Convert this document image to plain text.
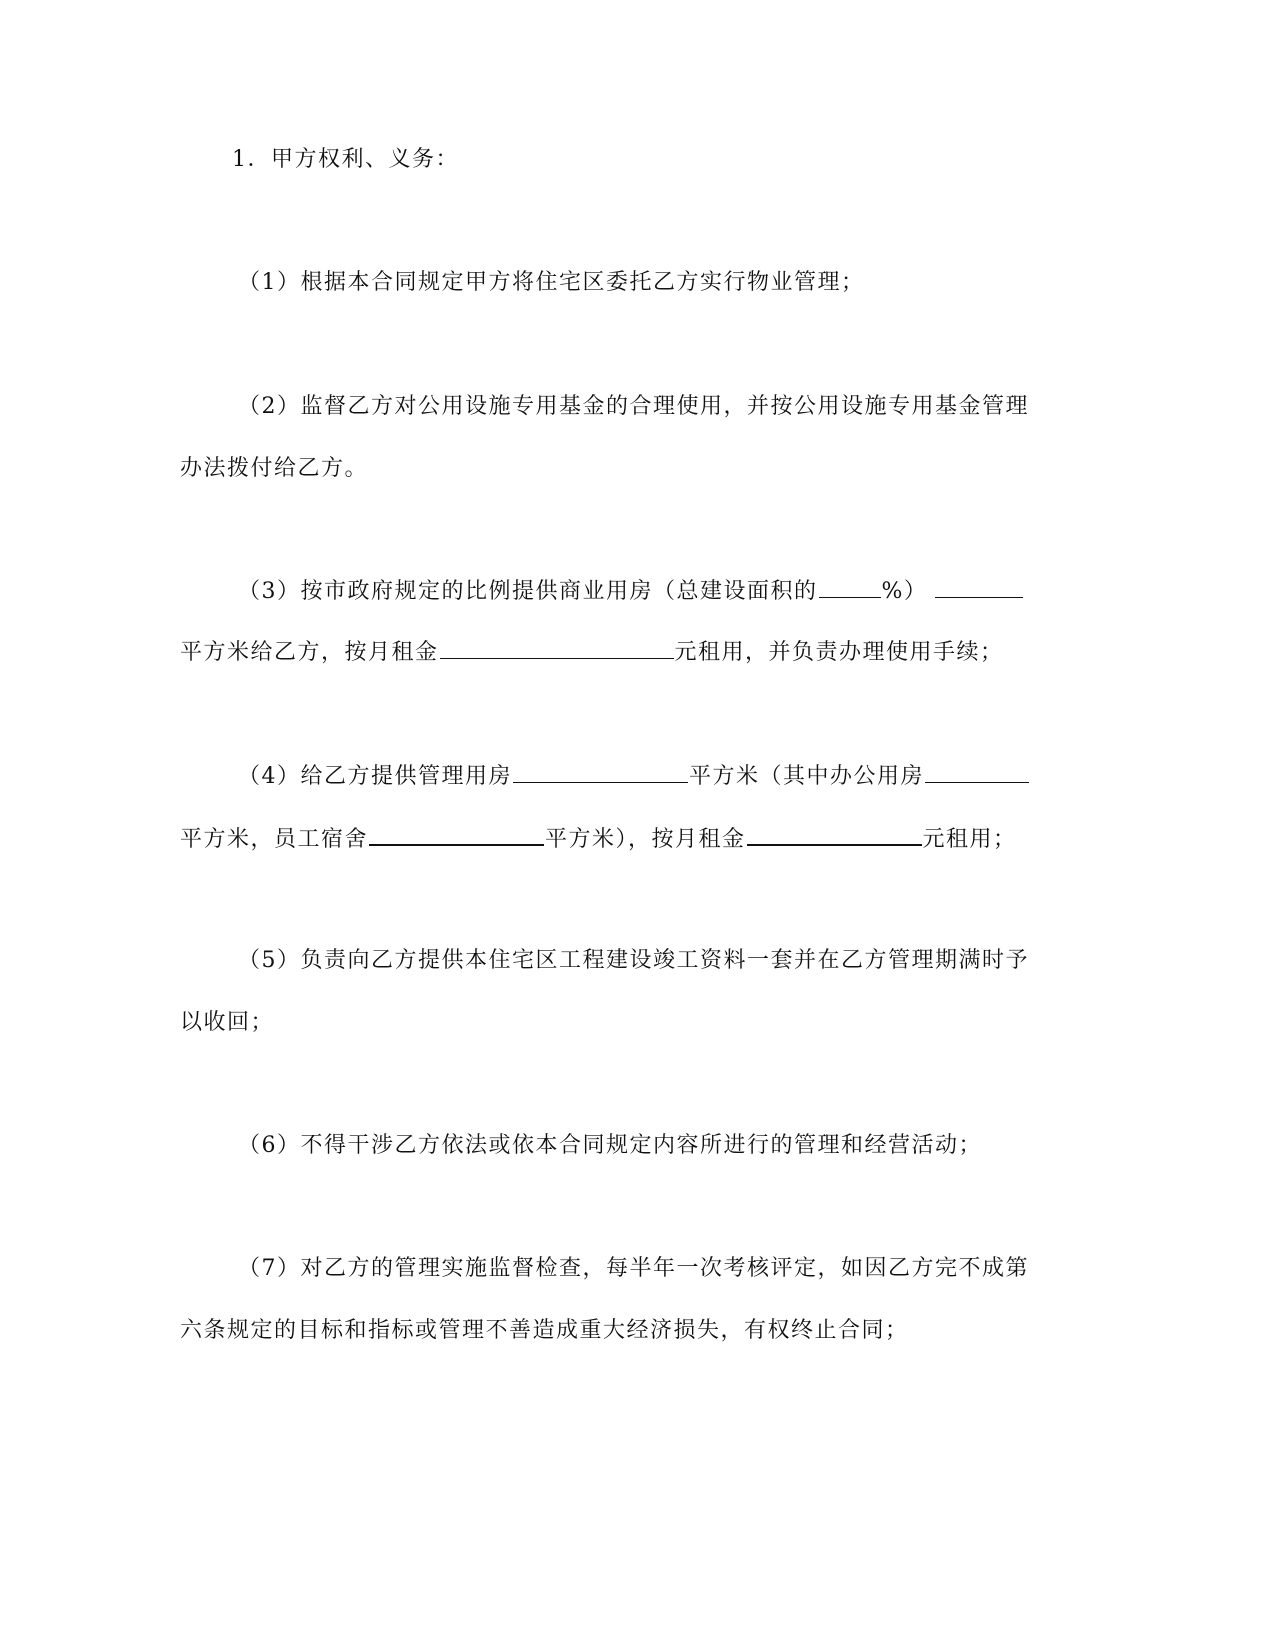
1．甲方权利、义务：
（1）根据本合同规定甲方将住宅区委托乙方实行物业管理；
（2）监督乙方对公用设施专用基金的合理使用，并按公用设施专用基金管理
办法拨付给乙方。
（3）按市政府规定的比例提供商业用房（总建设面积的	%）
平方米给乙方，按月租金	元租用，并负责办理使用手续；
（4）给乙方提供管理用房	平方米（其中办公用房
平方米，员工宿舍	平方米），按月租金	元租用；
（5）负责向乙方提供本住宅区工程建设竣工资料一套并在乙方管理期满时予
以收回；
（6）不得干涉乙方依法或依本合同规定内容所进行的管理和经营活动；
（7）对乙方的管理实施监督检查，每半年一次考核评定，如因乙方完不成第
六条规定的目标和指标或管理不善造成重大经济损失，有权终止合同；
